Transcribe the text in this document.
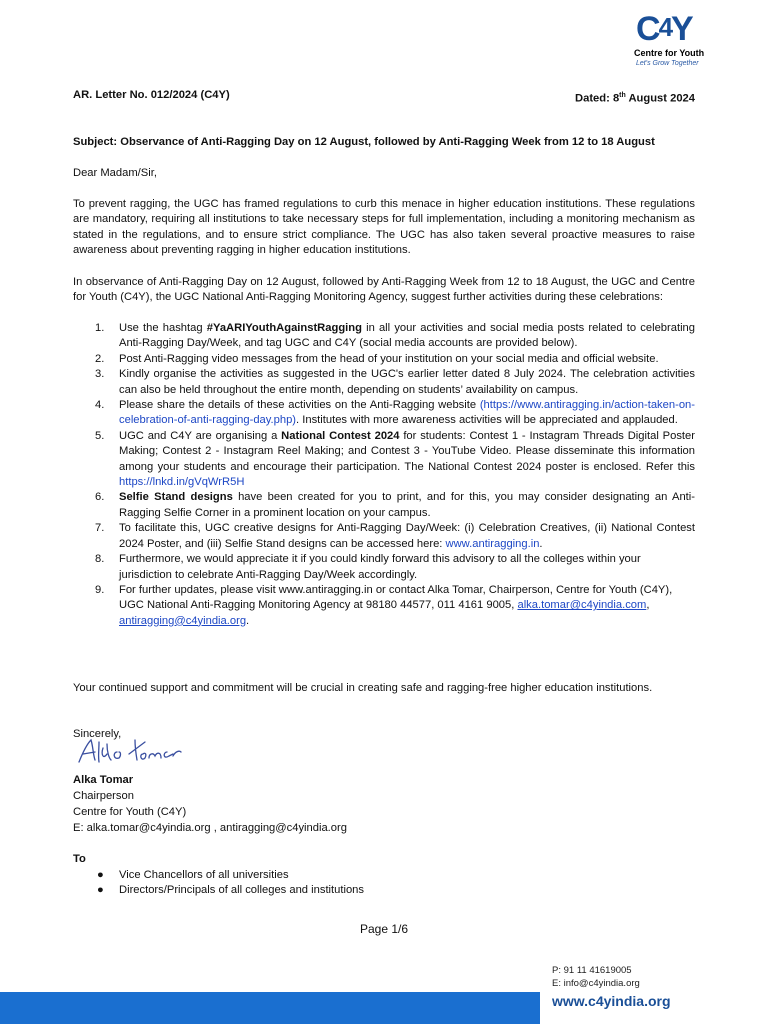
C4Y
Centre for Youth
Let's Grow Together
AR. Letter No. 012/2024 (C4Y)	Dated: 8th August 2024
Subject: Observance of Anti-Ragging Day on 12 August, followed by Anti-Ragging Week from 12 to 18 August
Dear Madam/Sir,
To prevent ragging, the UGC has framed regulations to curb this menace in higher education institutions. These regulations are mandatory, requiring all institutions to take necessary steps for full implementation, including a monitoring mechanism as stated in the regulations, and to ensure strict compliance. The UGC has also taken several proactive measures to raise awareness about preventing ragging in higher education institutions.
In observance of Anti-Ragging Day on 12 August, followed by Anti-Ragging Week from 12 to 18 August, the UGC and Centre for Youth (C4Y), the UGC National Anti-Ragging Monitoring Agency, suggest further activities during these celebrations:
1. Use the hashtag #YaARIYouthAgainstRagging in all your activities and social media posts related to celebrating Anti-Ragging Day/Week, and tag UGC and C4Y (social media accounts are provided below).
2. Post Anti-Ragging video messages from the head of your institution on your social media and official website.
3. Kindly organise the activities as suggested in the UGC's earlier letter dated 8 July 2024. The celebration activities can also be held throughout the entire month, depending on students’ availability on campus.
4. Please share the details of these activities on the Anti-Ragging website (https://www.antiragging.in/action-taken-on-celebration-of-anti-ragging-day.php). Institutes with more awareness activities will be appreciated and applauded.
5. UGC and C4Y are organising a National Contest 2024 for students: Contest 1 - Instagram Threads Digital Poster Making; Contest 2 - Instagram Reel Making; and Contest 3 - YouTube Video. Please disseminate this information among your students and encourage their participation. The National Contest 2024 poster is enclosed. Refer this https://lnkd.in/gVqWrR5H
6. Selfie Stand designs have been created for you to print, and for this, you may consider designating an Anti-Ragging Selfie Corner in a prominent location on your campus.
7. To facilitate this, UGC creative designs for Anti-Ragging Day/Week: (i) Celebration Creatives, (ii) National Contest 2024 Poster, and (iii) Selfie Stand designs can be accessed here: www.antiragging.in.
8. Furthermore, we would appreciate it if you could kindly forward this advisory to all the colleges within your jurisdiction to celebrate Anti-Ragging Day/Week accordingly.
9. For further updates, please visit www.antiragging.in or contact Alka Tomar, Chairperson, Centre for Youth (C4Y), UGC National Anti-Ragging Monitoring Agency at 98180 44577, 011 4161 9005, alka.tomar@c4yindia.com, antiragging@c4yindia.org.
Your continued support and commitment will be crucial in creating safe and ragging-free higher education institutions.
Sincerely,
Alka Tomar
Chairperson
Centre for Youth (C4Y)
E: alka.tomar@c4yindia.org , antiragging@c4yindia.org
To
● Vice Chancellors of all universities
● Directors/Principals of all colleges and institutions
Page 1/6
P: 91 11 41619005
E: info@c4yindia.org
www.c4yindia.org
